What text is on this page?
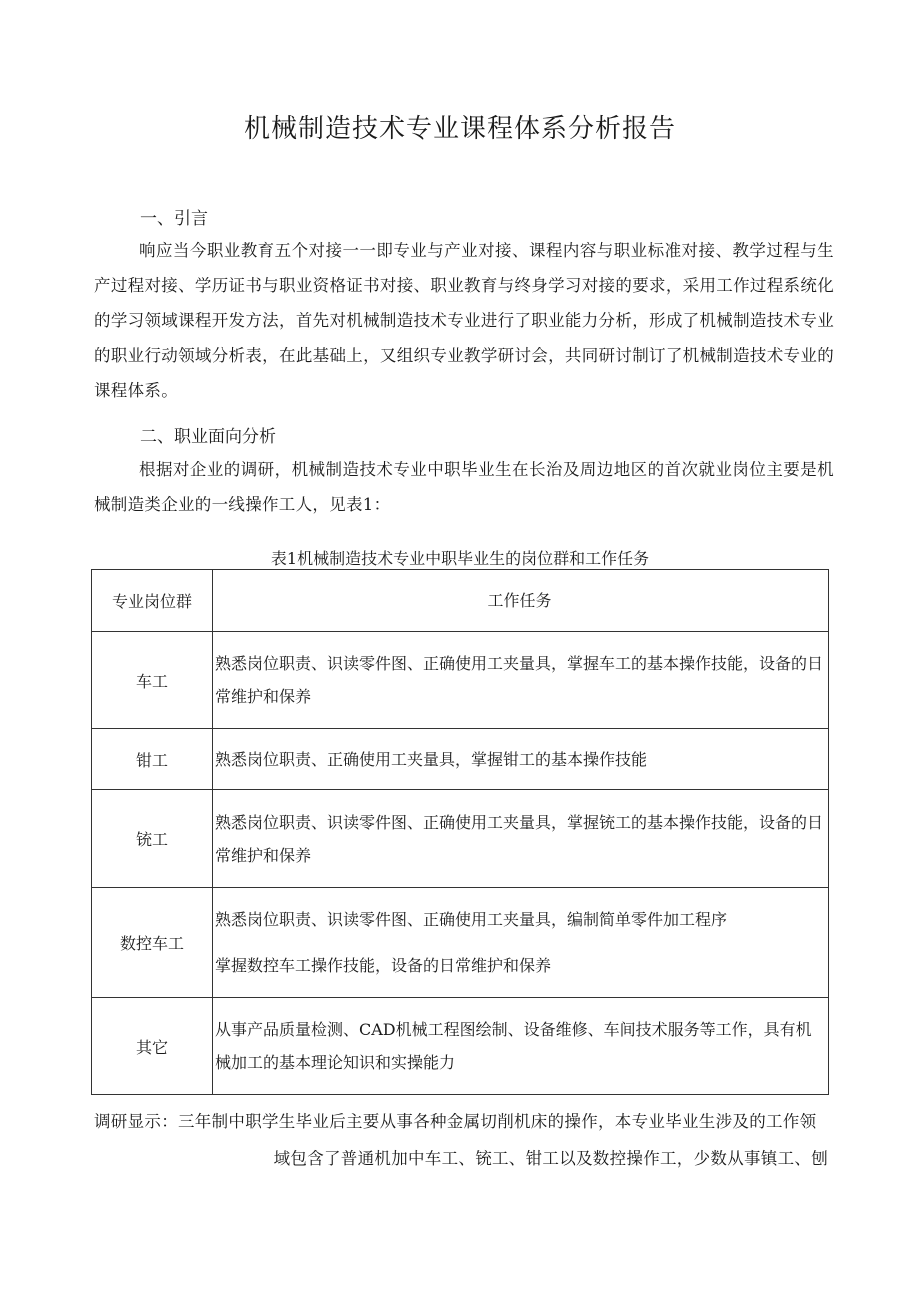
机械制造技术专业课程体系分析报告
一、引言
响应当今职业教育五个对接一一即专业与产业对接、课程内容与职业标准对接、教学过程与生产过程对接、学历证书与职业资格证书对接、职业教育与终身学习对接的要求，采用工作过程系统化的学习领域课程开发方法，首先对机械制造技术专业进行了职业能力分析，形成了机械制造技术专业的职业行动领域分析表，在此基础上，又组织专业教学研讨会，共同研讨制订了机械制造技术专业的课程体系。
二、职业面向分析
根据对企业的调研，机械制造技术专业中职毕业生在长治及周边地区的首次就业岗位主要是机械制造类企业的一线操作工人，见表1：
表1机械制造技术专业中职毕业生的岗位群和工作任务
专业岗位群	工作任务
车工	熟悉岗位职责、识读零件图、正确使用工夹量具，掌握车工的基本操作技能，设备的日常维护和保养
钳工	熟悉岗位职责、正确使用工夹量具，掌握钳工的基本操作技能
铳工	熟悉岗位职责、识读零件图、正确使用工夹量具，掌握铳工的基本操作技能，设备的日常维护和保养
数控车工	熟悉岗位职责、识读零件图、正确使用工夹量具，编制简单零件加工程序
掌握数控车工操作技能，设备的日常维护和保养

其它	从事产品质量检测、CAD机械工程图绘制、设备维修、车间技术服务等工作，具有机械加工的基本理论知识和实操能力
调研显示：三年制中职学生毕业后主要从事各种金属切削机床的操作，本专业毕业生涉及的工作领
域包含了普通机加中车工、铳工、钳工以及数控操作工，少数从事镇工、刨
